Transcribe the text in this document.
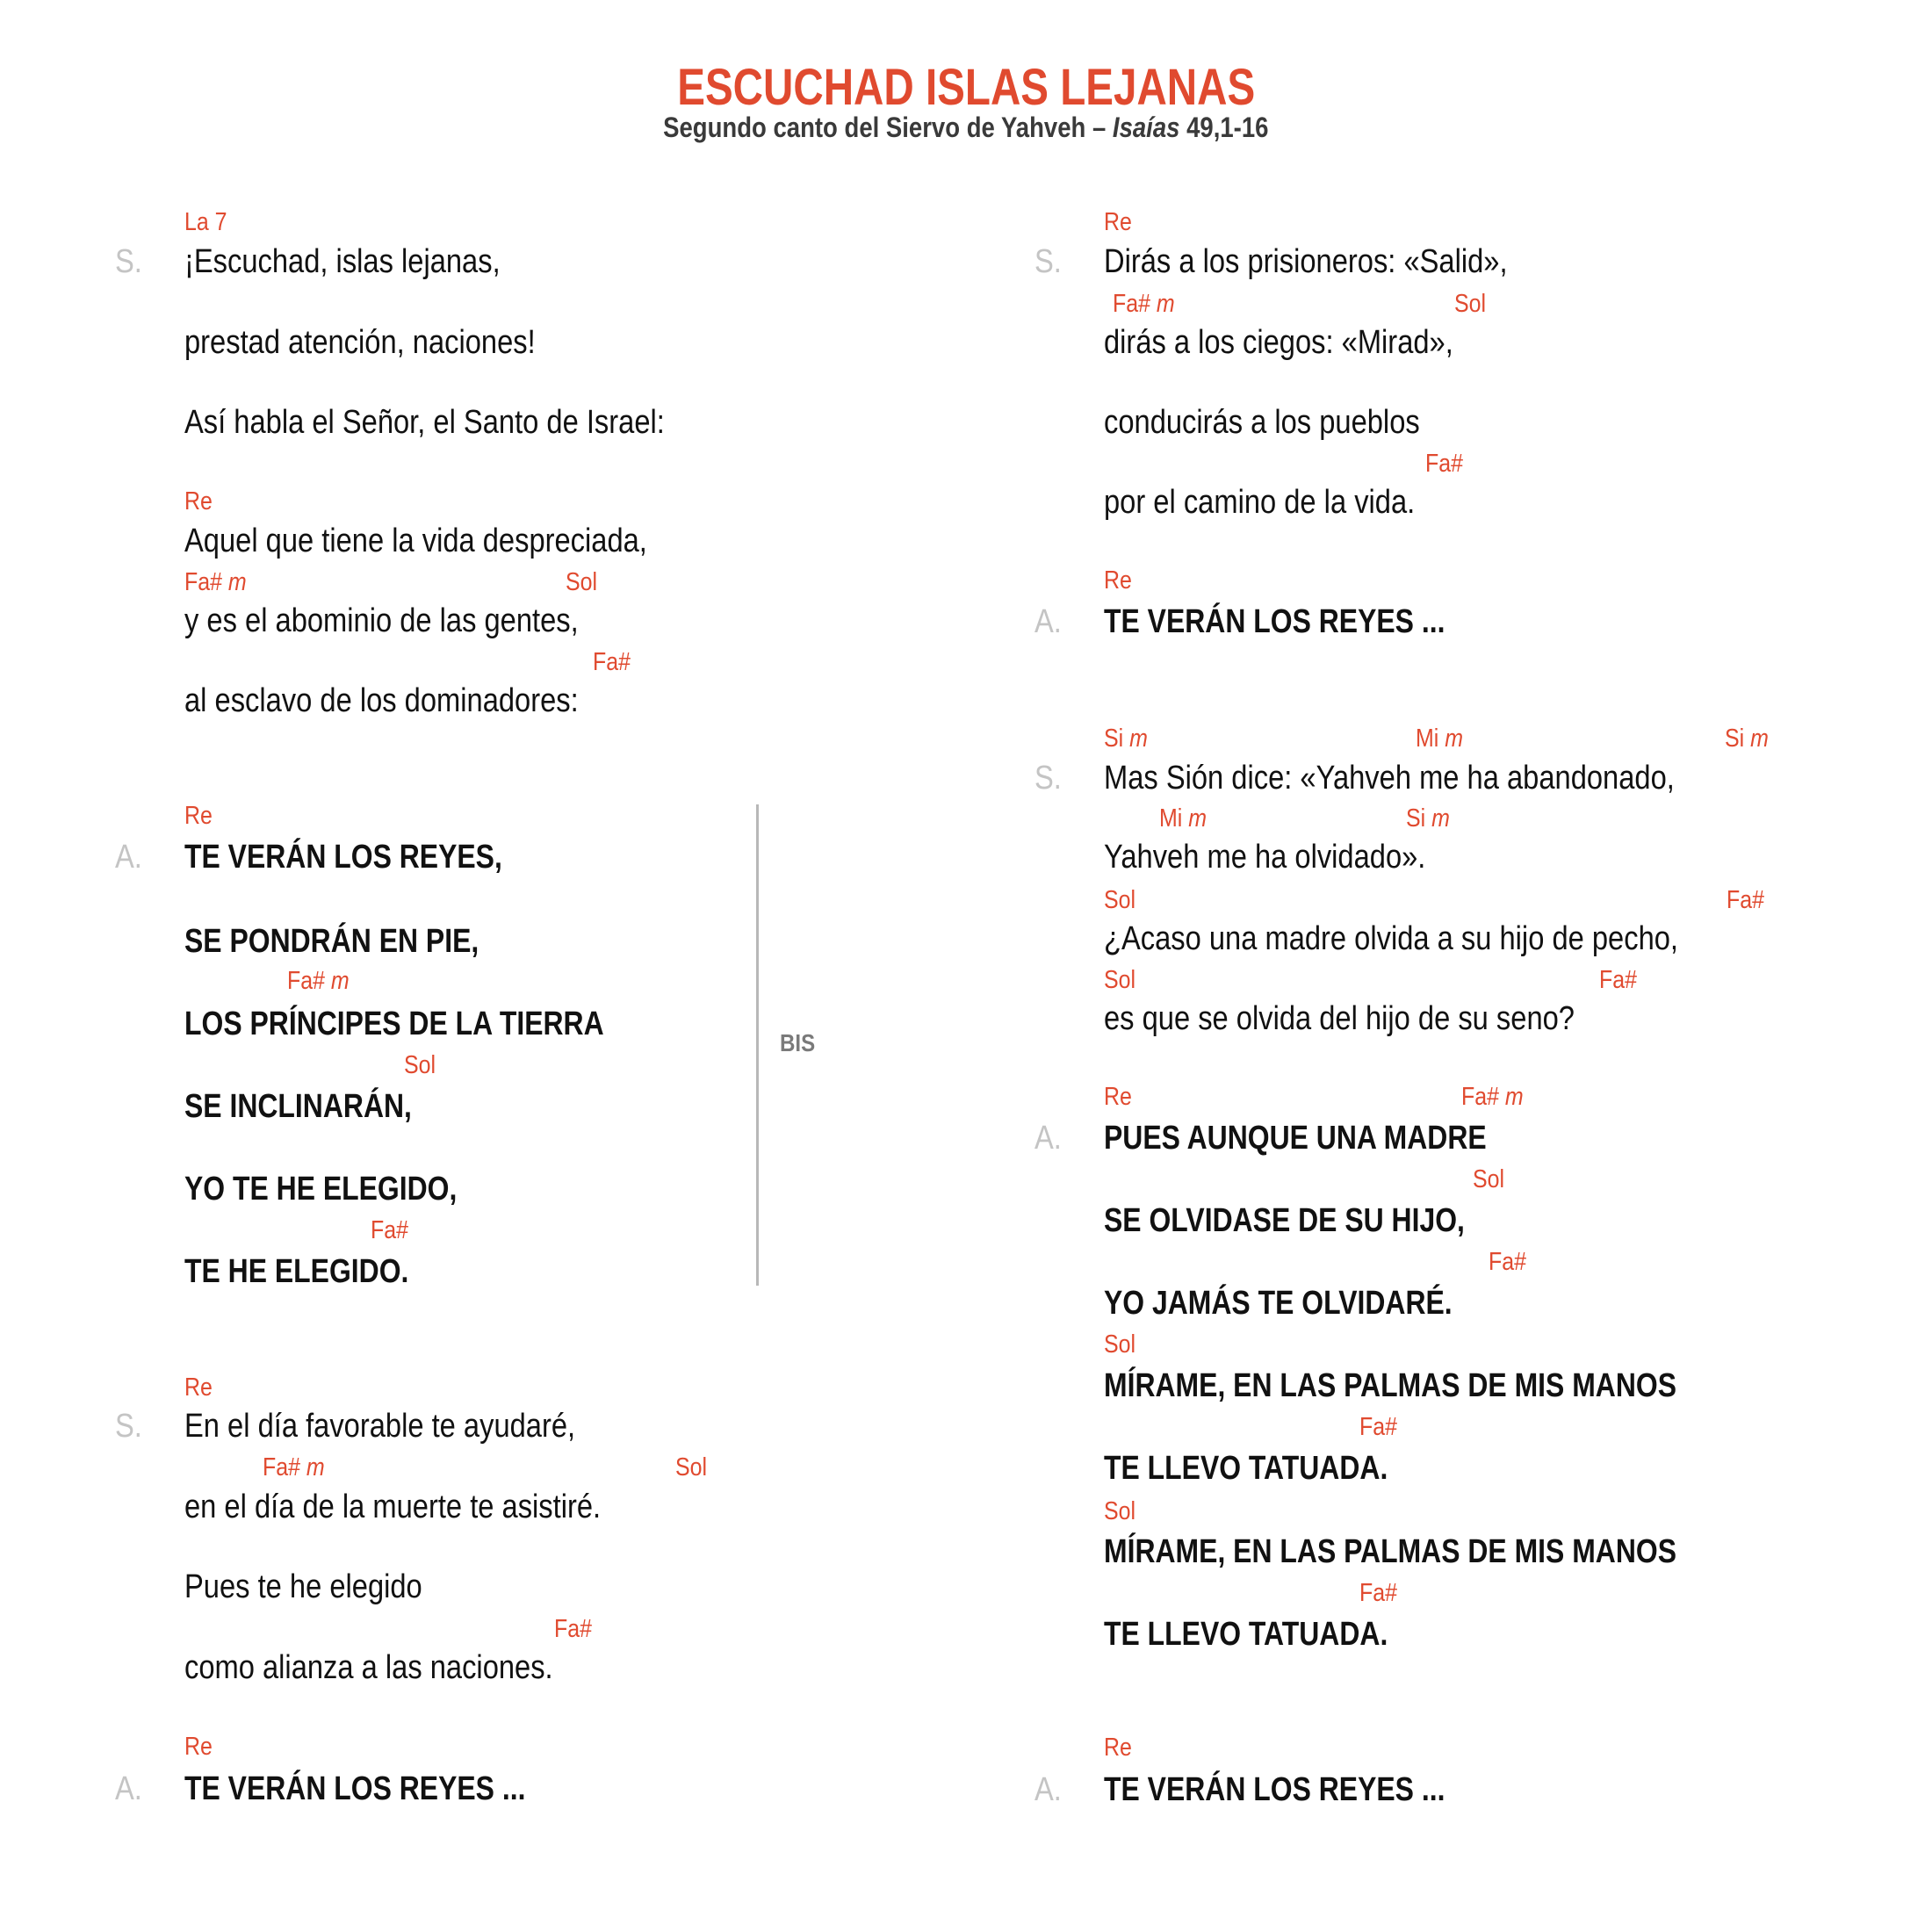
ESCUCHAD ISLAS LEJANAS
Segundo canto del Siervo de Yahveh – Isaías 49,1-16
La 7
S. ¡Escuchad, islas lejanas,
prestad atención, naciones!
Así habla el Señor, el Santo de Israel:
Re
Aquel que tiene la vida despreciada,
Fa# m	Sol
y es el abominio de las gentes,
Fa#
al esclavo de los dominadores:
Re
A. TE VERÁN LOS REYES,
SE PONDRÁN EN PIE,
Fa# m
LOS PRÍNCIPES DE LA TIERRA
Sol
SE INCLINARÁN,
YO TE HE ELEGIDO,
Fa#
TE HE ELEGIDO.
BIS
Re
S. En el día favorable te ayudaré,
Fa# m	Sol
en el día de la muerte te asistiré.
Pues te he elegido
Fa#
como alianza a las naciones.
Re
A. TE VERÁN LOS REYES ...
Re
S. Dirás a los prisioneros: «Salid»,
Fa# m	Sol
dirás a los ciegos: «Mirad»,
conducirás a los pueblos
Fa#
por el camino de la vida.
Re
A. TE VERÁN LOS REYES ...
Si m	Mi m	Si m
S. Mas Sión dice: «Yahveh me ha abandonado,
Mi m	Si m
Yahveh me ha olvidado».
Sol	Fa#
¿Acaso una madre olvida a su hijo de pecho,
Sol	Fa#
es que se olvida del hijo de su seno?
Re	Fa# m
A. PUES AUNQUE UNA MADRE
Sol
SE OLVIDASE DE SU HIJO,
Fa#
YO JAMÁS TE OLVIDARÉ.
Sol
MÍRAME, EN LAS PALMAS DE MIS MANOS
Fa#
TE LLEVO TATUADA.
Sol
MÍRAME, EN LAS PALMAS DE MIS MANOS
Fa#
TE LLEVO TATUADA.
Re
A. TE VERÁN LOS REYES ...
